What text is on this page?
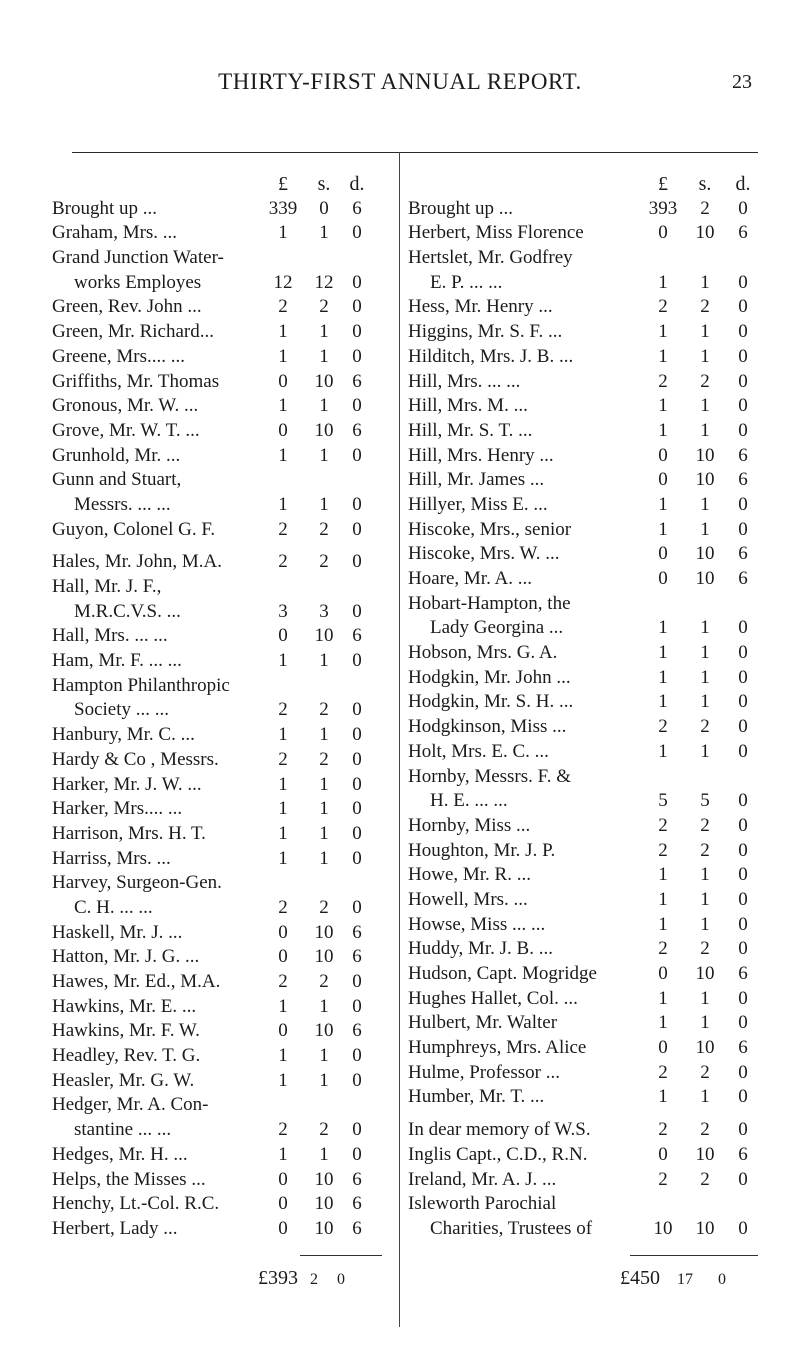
THIRTY-FIRST ANNUAL REPORT.	23
£	s. d.
Brought up ...	339	0	6
Graham, Mrs. ...	1	1	0
Grand Junction Water-
works Employes	12	12 0
Green, Rev. John ...	2	2	0
Green, Mr. Richard...	1	1	0
Greene, Mrs.... ...	1	1	0
Griffiths, Mr. Thomas	0	10 6
Gronous, Mr. W. ...	1	1	0
Grove, Mr. W. T. ...	0	10 6
Grunhold, Mr. ...	1	1	0
Gunn and Stuart,
Messrs. ... ...	1	1	0
Guyon, Colonel G. F.	2	2	0
Hales, Mr. John, M.A.	2	2	0
Hall, Mr. J. F.,
M.R.C.V.S. ...	3	3	0
Hall, Mrs. ... ...	0	10 6
Ham, Mr. F. ... ...	1	1	0
Hampton Philanthropic
Society ... ...	2	2	0
Hanbury, Mr. C. ...	1	1	0
Hardy & Co , Messrs.	2	2	0
Harker, Mr. J. W. ...	1	1	0
Harker, Mrs.... ...	1	1	0
Harrison, Mrs. H. T.	1	1	0
Harriss, Mrs. ...	1	1	0
Harvey, Surgeon-Gen.
C. H. ... ...	2	2	0
Haskell, Mr. J. ...	0	10 6
Hatton, Mr. J. G. ...	0	10 6
Hawes, Mr. Ed., M.A.	2	2	0
Hawkins, Mr. E. ...	1	1	0
Hawkins, Mr. F. W.	0	10 6
Headley, Rev. T. G.	1	1	0
Heasler, Mr. G. W.	1	1	0
Hedger, Mr. A. Con-
stantine ... ...	2	2	0
Hedges, Mr. H. ...	1	1	0
Helps, the Misses ...	0	10 6
Henchy, Lt.-Col. R.C.	0	10 6
Herbert, Lady ...	0	10 6
£	s.	d.
Brought up ...	393	2	0
Herbert, Miss Florence	0	10	6
Hertslet, Mr. Godfrey
E. P. ... ...	1	1	0
Hess, Mr. Henry ...	2	2	0
Higgins, Mr. S. F. ...	1	1	0
Hilditch, Mrs. J. B. ...	1	1	0
Hill, Mrs. ... ...	2	2	0
Hill, Mrs. M. ...	1	1	0
Hill, Mr. S. T. ...	1	1	0
Hill, Mrs. Henry ...	0	10	6
Hill, Mr. James ...	0	10	6
Hillyer, Miss E. ...	1	1	0
Hiscoke, Mrs., senior	1	1	0
Hiscoke, Mrs. W. ...	0	10	6
Hoare, Mr. A. ...	0	10	6
Hobart-Hampton, the
Lady Georgina ...	1	1	0
Hobson, Mrs. G. A.	1	1	0
Hodgkin, Mr. John ...	1	1	0
Hodgkin, Mr. S. H. ...	1	1	0
Hodgkinson, Miss ...	2	2	0
Holt, Mrs. E. C. ...	1	1	0
Hornby, Messrs. F. &
H. E. ... ...	5	5	0
Hornby, Miss ...	2	2	0
Houghton, Mr. J. P.	2	2	0
Howe, Mr. R. ...	1	1	0
Howell, Mrs. ...	1	1	0
Howse, Miss ... ...	1	1	0
Huddy, Mr. J. B. ...	2	2	0
Hudson, Capt. Mogridge	0	10	6
Hughes Hallet, Col. ...	1	1	0
Hulbert, Mr. Walter	1	1	0
Humphreys, Mrs. Alice	0	10	6
Hulme, Professor ...	2	2	0
Humber, Mr. T. ...	1	1	0
In dear memory of W.S.	2	2	0
Inglis Capt., C.D., R.N.	0	10	6
Ireland, Mr. A. J. ...	2	2	0
Isleworth Parochial
Charities, Trustees of	10	10	0
£393 2 0	£450 17 0
